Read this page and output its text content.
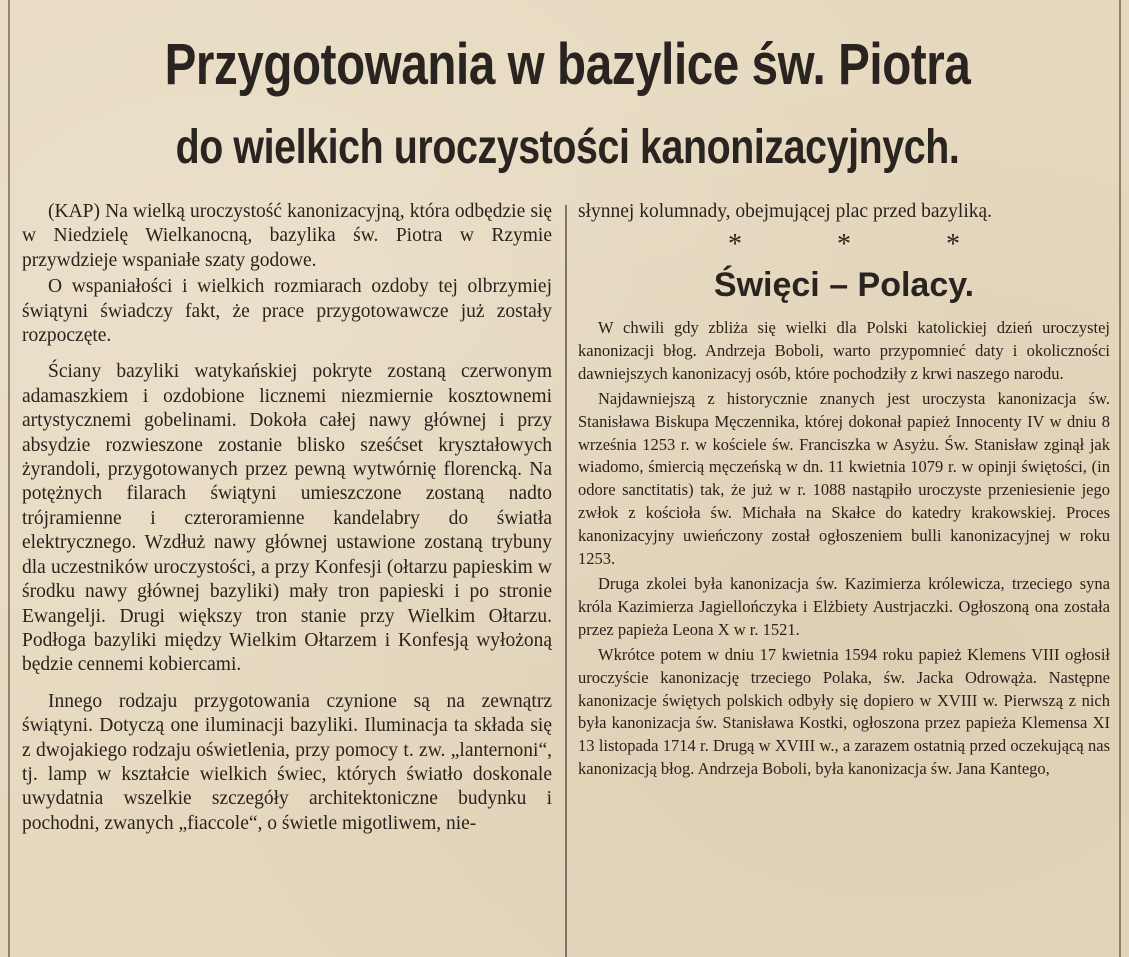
Przygotowania w bazylice św. Piotra
do wielkich uroczystości kanonizacyjnych.

(KAP) Na wielką uroczystość kanonizacyjną, która odbędzie się w Niedzielę Wielkanocną, bazylika św. Piotra w Rzymie przywdzieje wspaniałe szaty godowe.

O wspaniałości i wielkich rozmiarach ozdoby tej olbrzymiej świątyni świadczy fakt, że prace przygotowawcze już zostały rozpoczęte.

Ściany bazyliki watykańskiej pokryte zostaną czerwonym adamaszkiem i ozdobione licznemi niezmiernie kosztownemi artystycznemi gobelinami. Dokoła całej nawy głównej i przy absydzie rozwieszone zostanie blisko sześćset kryształowych żyrandoli, przygotowanych przez pewną wytwórnię florencką. Na potężnych filarach świątyni umieszczone zostaną nadto trójramienne i czteroramienne kandelabry do światła elektrycznego. Wzdłuż nawy głównej ustawione zostaną trybuny dla uczestników uroczystości, a przy Konfesji (ołtarzu papieskim w środku nawy głównej bazyliki) mały tron papieski i po stronie Ewangelji. Drugi większy tron stanie przy Wielkim Ołtarzu. Podłoga bazyliki między Wielkim Ołtarzem i Konfesją wyłożoną będzie cennemi kobiercami.

Innego rodzaju przygotowania czynione są na zewnątrz świątyni. Dotyczą one iluminacji bazyliki. Iluminacja ta składa się z dwojakiego rodzaju oświetlenia, przy pomocy t. zw. „lanternoni“, tj. lamp w kształcie wielkich świec, których światło doskonale uwydatnia wszelkie szczegóły architektoniczne budynku i pochodni, zwanych „fiaccole“, o świetle migotliwem, nie-

słynnej kolumnady, obejmującej plac przed bazyliką.

* * *
Święci – Polacy.

W chwili gdy zbliża się wielki dla Polski katolickiej dzień uroczystej kanonizacji błog. Andrzeja Boboli, warto przypomnieć daty i okoliczności dawniejszych kanonizacyj osób, które pochodziły z krwi naszego narodu.

Najdawniejszą z historycznie znanych jest uroczysta kanonizacja św. Stanisława Biskupa Męczennika, której dokonał papież Innocenty IV w dniu 8 września 1253 r. w kościele św. Franciszka w Asyżu. Św. Stanisław zginął jak wiadomo, śmiercią męczeńską w dn. 11 kwietnia 1079 r. w opinji świętości, (in odore sanctitatis) tak, że już w r. 1088 nastąpiło uroczyste przeniesienie jego zwłok z kościoła św. Michała na Skałce do katedry krakowskiej. Proces kanonizacyjny uwieńczony został ogłoszeniem bulli kanonizacyjnej w roku 1253.

Druga zkolei była kanonizacja św. Kazimierza królewicza, trzeciego syna króla Kazimierza Jagiellończyka i Elżbiety Austrjaczki. Ogłoszoną ona została przez papieża Leona X w r. 1521.

Wkrótce potem w dniu 17 kwietnia 1594 roku papież Klemens VIII ogłosił uroczyście kanonizację trzeciego Polaka, św. Jacka Odrowąża. Następne kanonizacje świętych polskich odbyły się dopiero w XVIII w. Pierwszą z nich była kanonizacja św. Stanisława Kostki, ogłoszona przez papieża Klemensa XI 13 listopada 1714 r. Drugą w XVIII w., a zarazem ostatnią przed oczekującą nas kanonizacją błog. Andrzeja Boboli, była kanonizacja św. Jana Kantego,
